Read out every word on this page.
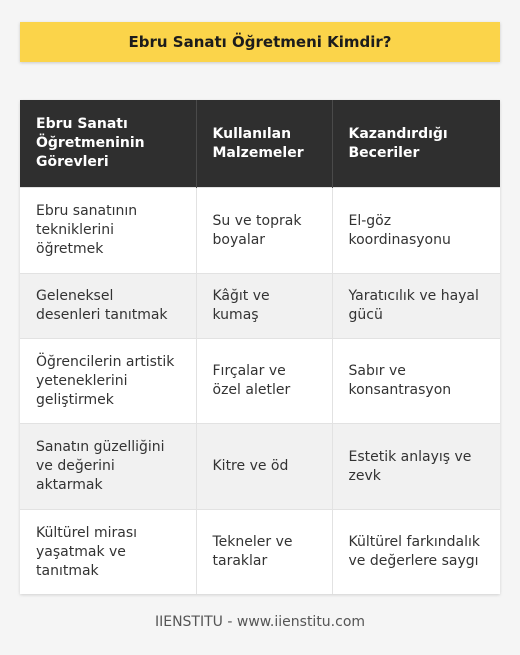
Ebru Sanatı Öğretmeni Kimdir?
Ebru Sanatı Öğretmeninin Görevleri	Kullanılan Malzemeler	Kazandırdığı Beceriler
Ebru sanatının tekniklerini öğretmek	Su ve toprak boyalar	El-göz koordinasyonu
Geleneksel desenleri tanıtmak	Kâğıt ve kumaş	Yaratıcılık ve hayal gücü
Öğrencilerin artistik yeteneklerini geliştirmek	Fırçalar ve özel aletler	Sabır ve konsantrasyon
Sanatın güzelliğini ve değerini aktarmak	Kitre ve öd	Estetik anlayış ve zevk
Kültürel mirası yaşatmak ve tanıtmak	Tekneler ve taraklar	Kültürel farkındalık ve değerlere saygı
IIENSTITU - www.iienstitu.com
